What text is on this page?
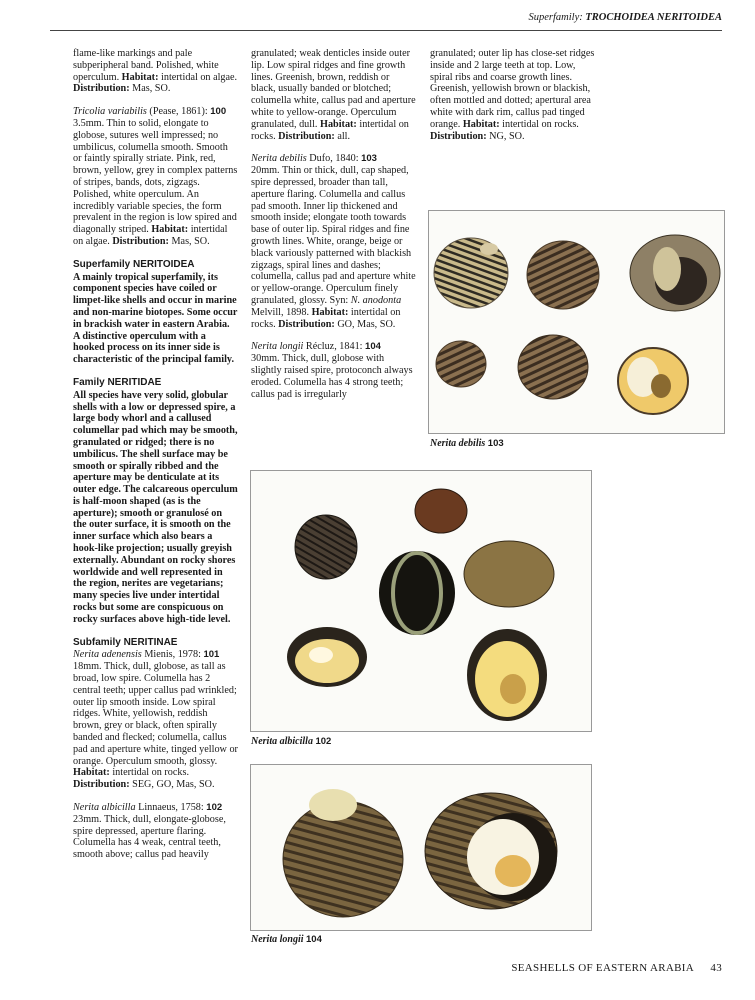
Superfamily: TROCHOIDEA NERITOIDEA

flame-like markings and pale subperipheral band. Polished, white operculum. Habitat: intertidal on algae. Distribution: Mas, SO.

Tricolia variabilis (Pease, 1861): 100
3.5mm. Thin to solid, elongate to globose, sutures well impressed; no umbilicus, columella smooth. Smooth or faintly spirally striate. Pink, red, brown, yellow, grey in complex patterns of stripes, bands, dots, zigzags. Polished, white operculum. An incredibly variable species, the form prevalent in the region is low spired and diagonally striped. Habitat: intertidal on algae. Distribution: Mas, SO.

Superfamily NERITOIDEA

A mainly tropical superfamily, its component species have coiled or limpet-like shells and occur in marine and non-marine biotopes. Some occur in brackish water in eastern Arabia. A distinctive operculum with a hooked process on its inner side is characteristic of the principal family.

Family NERITIDAE

All species have very solid, globular shells with a low or depressed spire, a large body whorl and a callused columellar pad which may be smooth, granulated or ridged; there is no umbilicus. The shell surface may be smooth or spirally ribbed and the aperture may be denticulate at its outer edge. The calcareous operculum is half-moon shaped (as is the aperture); smooth or granulosé on the outer surface, it is smooth on the inner surface which also bears a hook-like projection; usually greyish externally. Abundant on rocky shores worldwide and well represented in the region, nerites are vegetarians; many species live under intertidal rocks but some are conspicuous on rocky surfaces above high-tide level.

Subfamily NERITINAE

Nerita adenensis Mienis, 1978: 101
18mm. Thick, dull, globose, as tall as broad, low spire. Columella has 2 central teeth; upper callus pad wrinkled; outer lip smooth inside. Low spiral ridges. White, yellowish, reddish brown, grey or black, often spirally banded and flecked; columella, callus pad and aperture white, tinged yellow or orange. Operculum smooth, glossy. Habitat: intertidal on rocks. Distribution: SEG, GO, Mas, SO.

Nerita albicilla Linnaeus, 1758: 102
23mm. Thick, dull, elongate-globose, spire depressed, aperture flaring. Columella has 4 weak, central teeth, smooth above; callus pad heavily

granulated; weak denticles inside outer lip. Low spiral ridges and fine growth lines. Greenish, brown, reddish or black, usually banded or blotched; columella white, callus pad and aperture white to yellow-orange. Operculum granulated, dull. Habitat: intertidal on rocks. Distribution: all.

Nerita debilis Dufo, 1840: 103
20mm. Thin or thick, dull, cap shaped, spire depressed, broader than tall, aperture flaring. Columella and callus pad smooth. Inner lip thickened and smooth inside; elongate tooth towards base of outer lip. Spiral ridges and fine growth lines. White, orange, beige or black variously patterned with blackish zigzags, spiral lines and dashes; columella, callus pad and aperture white or yellow-orange. Operculum finely granulated, glossy. Syn: N. anodonta Melvill, 1898. Habitat: intertidal on rocks. Distribution: GO, Mas, SO.

Nerita longii Récluz, 1841: 104
30mm. Thick, dull, globose with slightly raised spire, protoconch always eroded. Columella has 4 strong teeth; callus pad is irregularly

granulated; outer lip has close-set ridges inside and 2 large teeth at top. Low, spiral ribs and coarse growth lines. Greenish, yellowish brown or blackish, often mottled and dotted; apertural area white with dark rim, callus pad tinged orange. Habitat: intertidal on rocks. Distribution: NG, SO.

Nerita debilis 103
Nerita albicilla 102
Nerita longii 104
SEASHELLS OF EASTERN ARABIA 43
